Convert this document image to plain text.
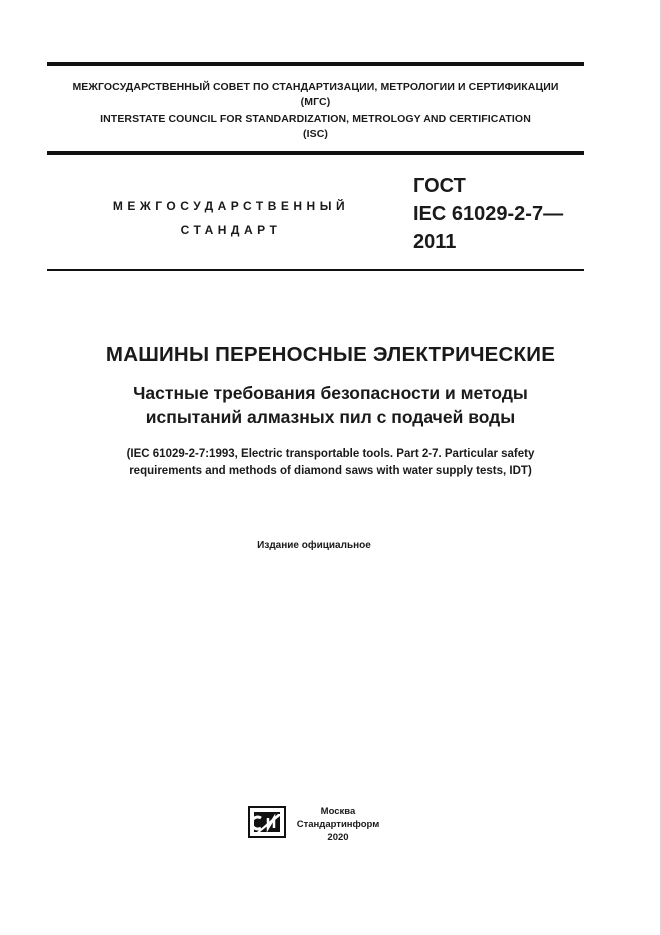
МЕЖГОСУДАРСТВЕННЫЙ СОВЕТ ПО СТАНДАРТИЗАЦИИ, МЕТРОЛОГИИ И СЕРТИФИКАЦИИ
(МГС)
INTERSTATE COUNCIL FOR STANDARDIZATION, METROLOGY AND CERTIFICATION
(ISC)
МЕЖГОСУДАРСТВЕННЫЙ
СТАНДАРТ
ГОСТ
IEC 61029-2-7—
2011
МАШИНЫ ПЕРЕНОСНЫЕ ЭЛЕКТРИЧЕСКИЕ
Частные требования безопасности и методы
испытаний алмазных пил с подачей воды
(IEC 61029-2-7:1993, Electric transportable tools. Part 2-7. Particular safety
requirements and methods of diamond saws with water supply tests, IDT)
Издание официальное
Москва
Стандартинформ
2020
